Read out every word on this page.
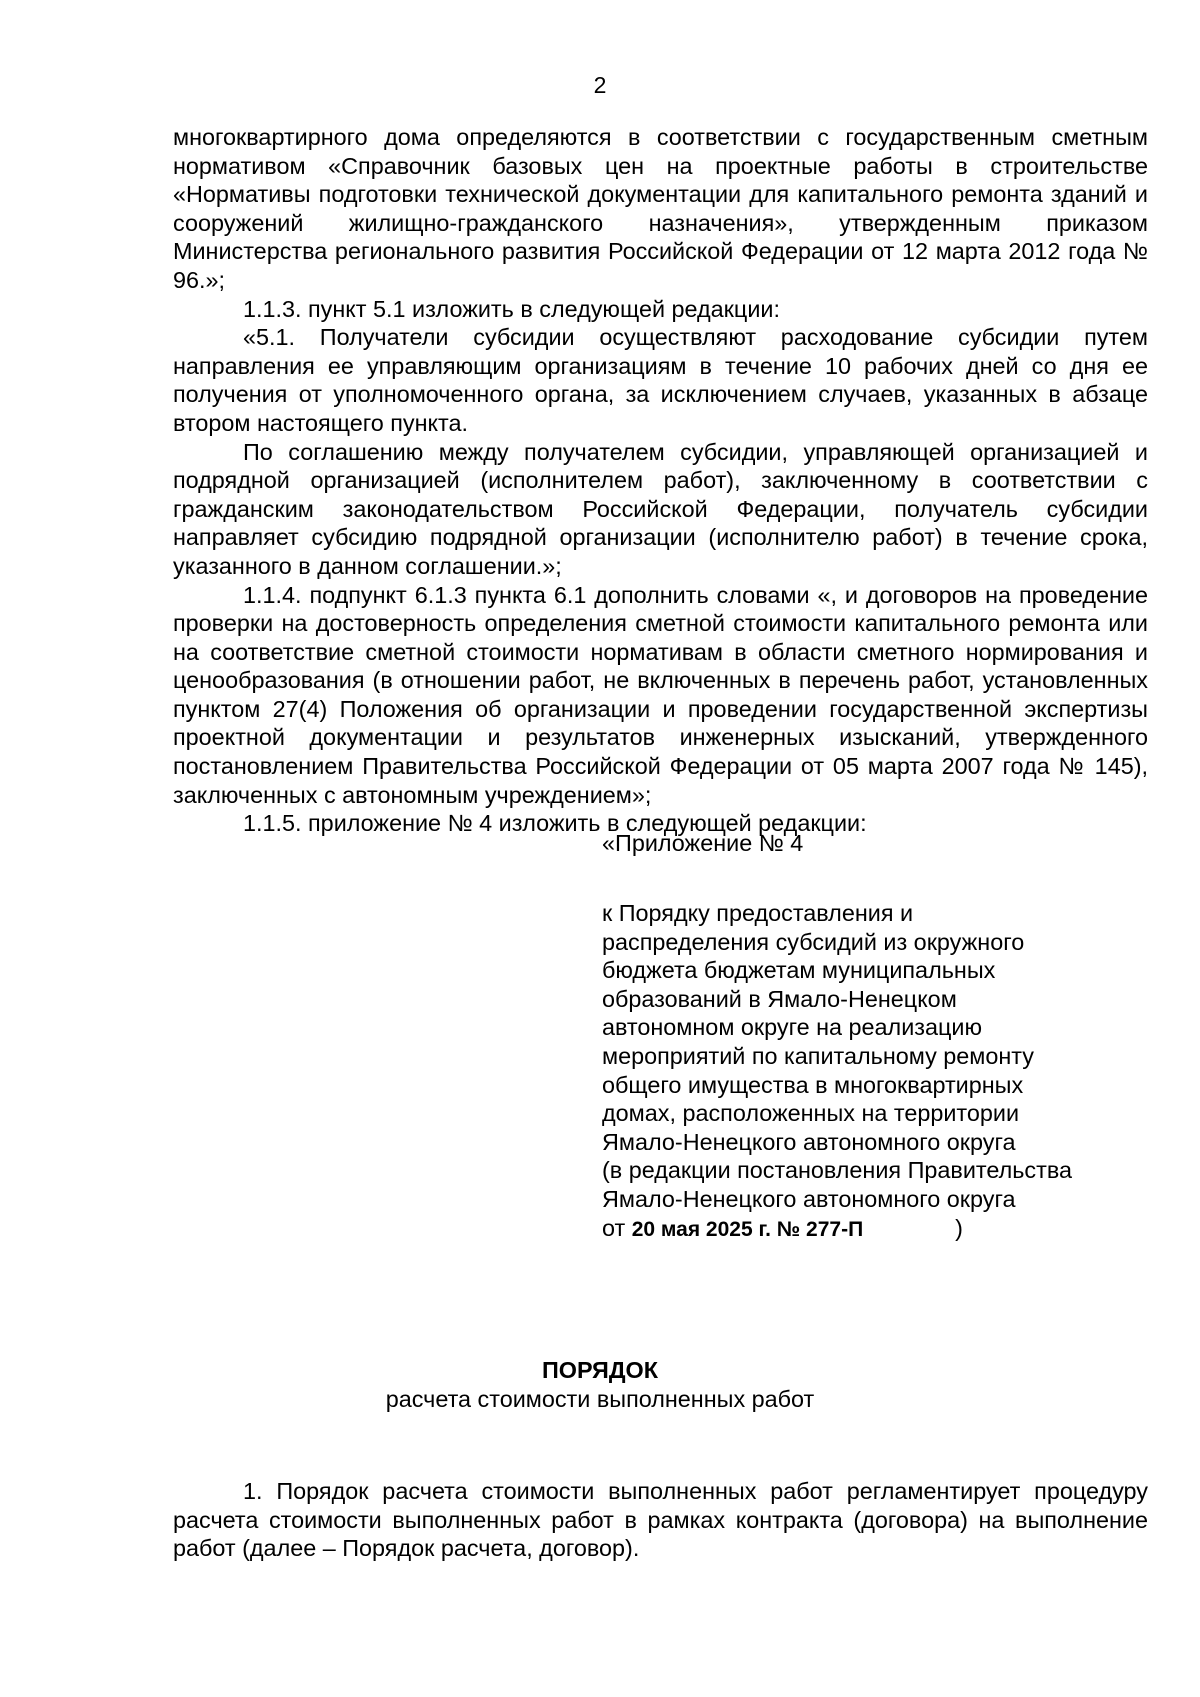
2

многоквартирного дома определяются в соответствии с государственным сметным нормативом «Справочник базовых цен на проектные работы в строительстве «Нормативы подготовки технической документации для капитального ремонта зданий и сооружений жилищно-гражданского назначения», утвержденным приказом Министерства регионального развития Российской Федерации от 12 марта 2012 года № 96.»;

1.1.3. пункт 5.1 изложить в следующей редакции:

«5.1. Получатели субсидии осуществляют расходование субсидии путем направления ее управляющим организациям в течение 10 рабочих дней со дня ее получения от уполномоченного органа, за исключением случаев, указанных в абзаце втором настоящего пункта.

По соглашению между получателем субсидии, управляющей организацией и подрядной организацией (исполнителем работ), заключенному в соответствии с гражданским законодательством Российской Федерации, получатель субсидии направляет субсидию подрядной организации (исполнителю работ) в течение срока, указанного в данном соглашении.»;

1.1.4. подпункт 6.1.3 пункта 6.1 дополнить словами «, и договоров на проведение проверки на достоверность определения сметной стоимости капитального ремонта или на соответствие сметной стоимости нормативам в области сметного нормирования и ценообразования (в отношении работ, не включенных в перечень работ, установленных пунктом 27(4) Положения об организации и проведении государственной экспертизы проектной документации и результатов инженерных изысканий, утвержденного постановлением Правительства Российской Федерации от 05 марта 2007 года № 145), заключенных с автономным учреждением»;

1.1.5. приложение № 4 изложить в следующей редакции:

«Приложение № 4

к Порядку предоставления и

распределения субсидий из окружного

бюджета бюджетам муниципальных

образований в Ямало-Ненецком

автономном округе на реализацию

мероприятий по капитальному ремонту

общего имущества в многоквартирных

домах, расположенных на территории

Ямало-Ненецкого автономного округа

(в редакции постановления Правительства

Ямало-Ненецкого автономного округа

от 20 мая 2025 г. № 277-П	)

ПОРЯДОК
расчета стоимости выполненных работ

1. Порядок расчета стоимости выполненных работ регламентирует процедуру расчета стоимости выполненных работ в рамках контракта (договора) на выполнение работ (далее – Порядок расчета, договор).
